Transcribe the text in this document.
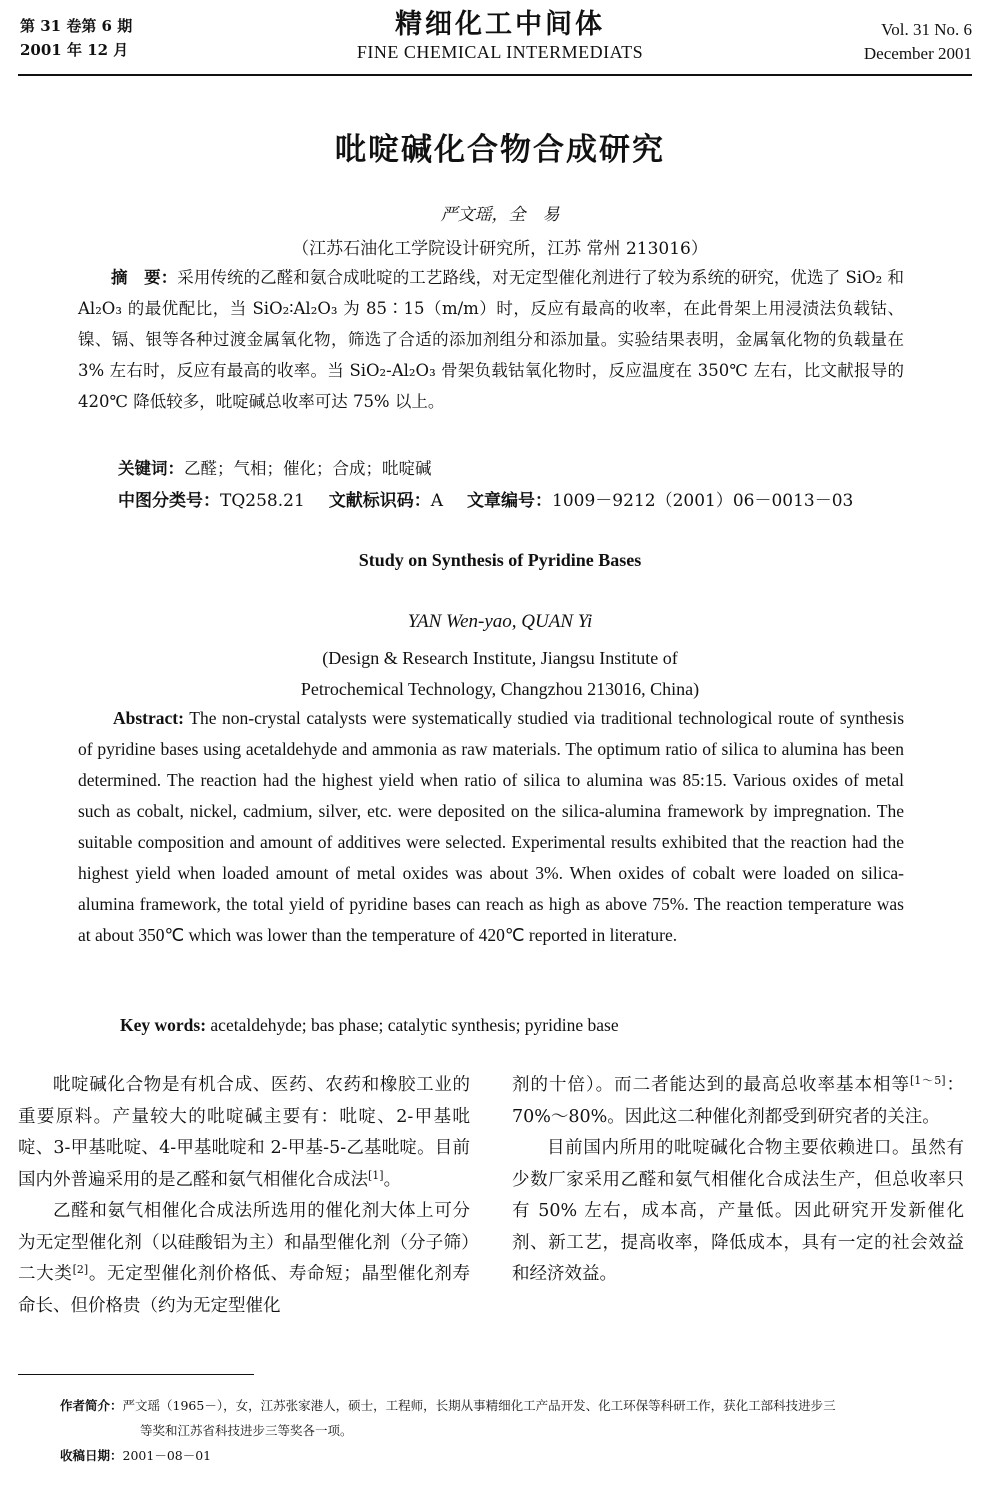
第 31 卷第 6 期
2001 年 12 月
精细化工中间体
FINE CHEMICAL INTERMEDIATS
Vol. 31 No. 6
December 2001
吡啶碱化合物合成研究
严文瑶，全　易
（江苏石油化工学院设计研究所，江苏 常州 213016）
摘　要：采用传统的乙醛和氨合成吡啶的工艺路线，对无定型催化剂进行了较为系统的研究，优选了 SiO₂ 和 Al₂O₃ 的最优配比，当 SiO₂∶Al₂O₃ 为 85∶15（m/m）时，反应有最高的收率，在此骨架上用浸渍法负载钴、镍、镉、银等各种过渡金属氧化物，筛选了合适的添加剂组分和添加量。实验结果表明，金属氧化物的负载量在 3% 左右时，反应有最高的收率。当 SiO₂-Al₂O₃ 骨架负载钴氧化物时，反应温度在 350℃ 左右，比文献报导的 420℃ 降低较多，吡啶碱总收率可达 75% 以上。
关键词：乙醛；气相；催化；合成；吡啶碱
中图分类号：TQ258.21 文献标识码：A 文章编号：1009－9212（2001）06－0013－03
Study on Synthesis of Pyridine Bases
YAN Wen-yao, QUAN Yi
(Design & Research Institute, Jiangsu Institute of
Petrochemical Technology, Changzhou 213016, China)
Abstract: The non-crystal catalysts were systematically studied via traditional technological route of synthesis of pyridine bases using acetaldehyde and ammonia as raw materials. The optimum ratio of silica to alumina has been determined. The reaction had the highest yield when ratio of silica to alumina was 85:15. Various oxides of metal such as cobalt, nickel, cadmium, silver, etc. were deposited on the silica-alumina framework by impregnation. The suitable composition and amount of additives were selected. Experimental results exhibited that the reaction had the highest yield when loaded amount of metal oxides was about 3%. When oxides of cobalt were loaded on silica-alumina framework, the total yield of pyridine bases can reach as high as above 75%. The reaction temperature was at about 350℃ which was lower than the temperature of 420℃ reported in literature.
Key words: acetaldehyde; bas phase; catalytic synthesis; pyridine base

吡啶碱化合物是有机合成、医药、农药和橡胶工业的重要原料。产量较大的吡啶碱主要有：吡啶、2-甲基吡啶、3-甲基吡啶、4-甲基吡啶和 2-甲基-5-乙基吡啶。目前国内外普遍采用的是乙醛和氨气相催化合成法[1]。

乙醛和氨气相催化合成法所选用的催化剂大体上可分为无定型催化剂（以硅酸铝为主）和晶型催化剂（分子筛）二大类[2]。无定型催化剂价格低、寿命短；晶型催化剂寿命长、但价格贵（约为无定型催化

剂的十倍）。而二者能达到的最高总收率基本相等[1～5]：70%～80%。因此这二种催化剂都受到研究者的关注。

目前国内所用的吡啶碱化合物主要依赖进口。虽然有少数厂家采用乙醛和氨气相催化合成法生产，但总收率只有 50% 左右，成本高，产量低。因此研究开发新催化剂、新工艺，提高收率，降低成本，具有一定的社会效益和经济效益。

作者简介：严文瑶（1965－），女，江苏张家港人，硕士，工程师，长期从事精细化工产品开发、化工环保等科研工作，获化工部科技进步三
等奖和江苏省科技进步三等奖各一项。
收稿日期：2001－08－01
